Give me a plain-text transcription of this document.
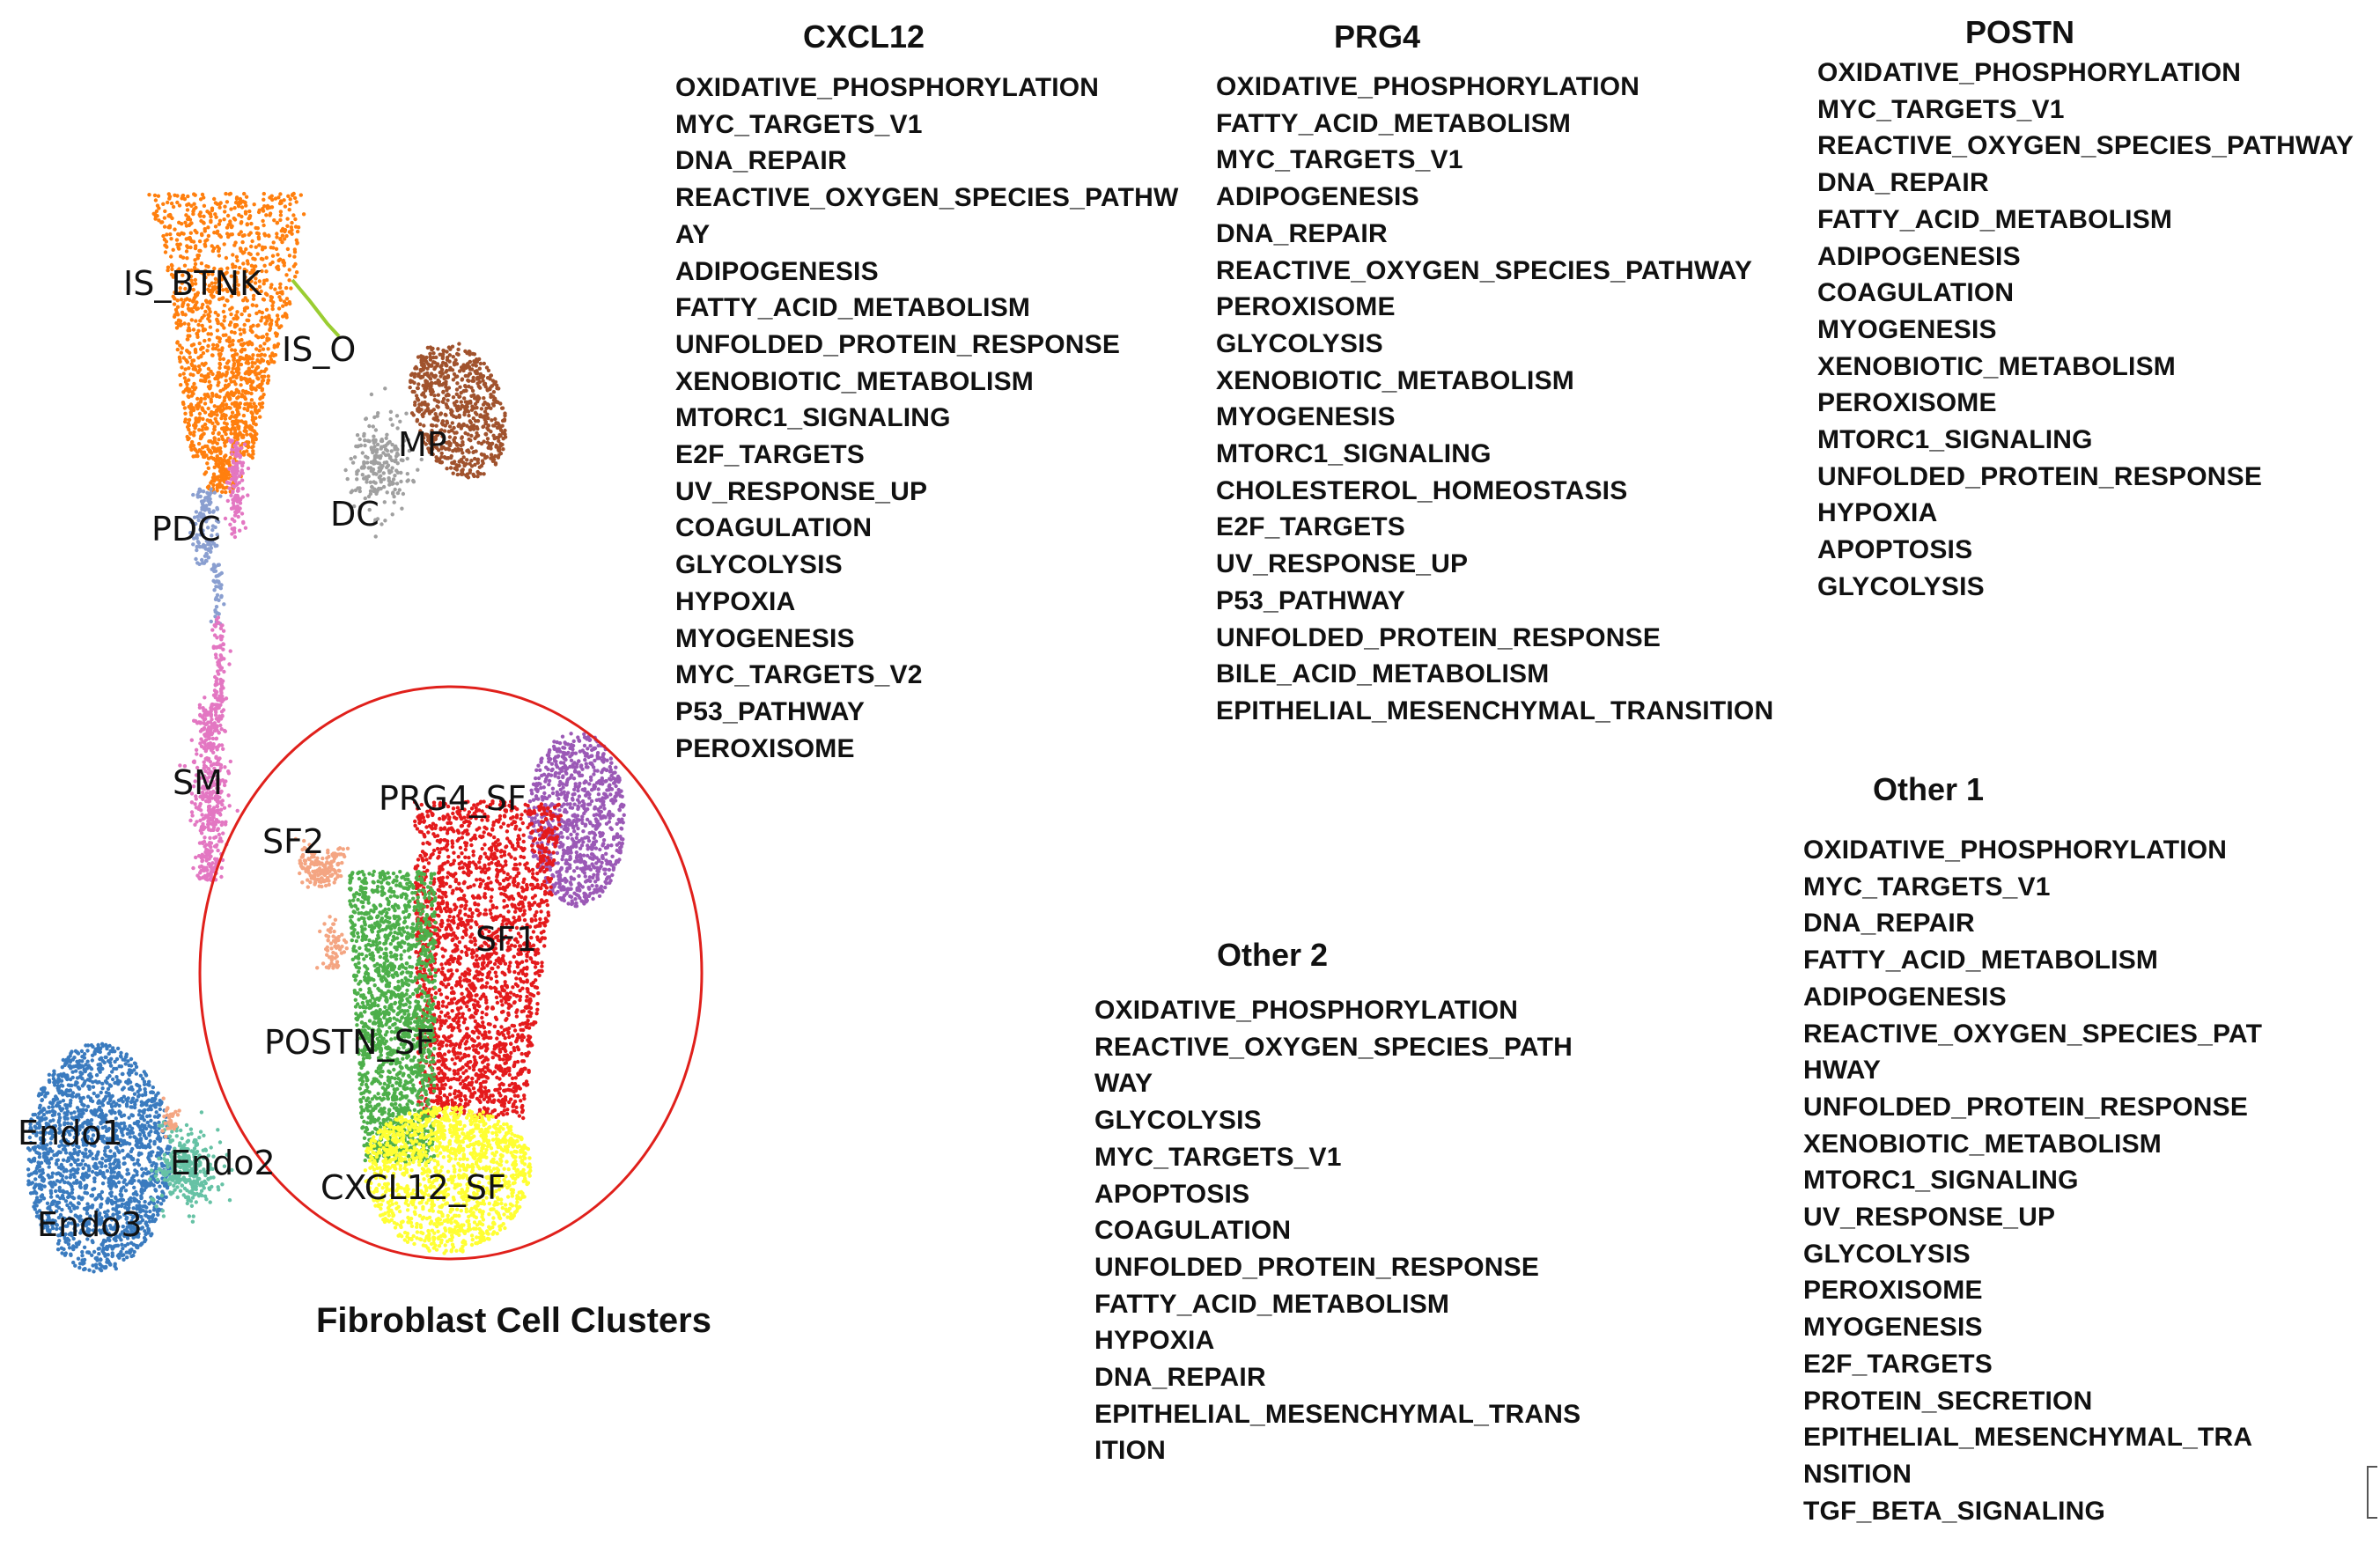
IS_BTNK
IS_O
MP
DC
PDC
SM	PRG4_SF
SF2
SF1
POSTN_SF
CXCL12_SF
Endo1
Endo2
Endo3
Fibroblast Cell Clusters
CXCL12
OXIDATIVE_PHOSPHORYLATION
MYC_TARGETS_V1
DNA_REPAIR
REACTIVE_OXYGEN_SPECIES_PATHW
AY
ADIPOGENESIS
FATTY_ACID_METABOLISM
UNFOLDED_PROTEIN_RESPONSE
XENOBIOTIC_METABOLISM
MTORC1_SIGNALING
E2F_TARGETS
UV_RESPONSE_UP
COAGULATION
GLYCOLYSIS
HYPOXIA
MYOGENESIS
MYC_TARGETS_V2
P53_PATHWAY
PEROXISOME
PRG4
OXIDATIVE_PHOSPHORYLATION
FATTY_ACID_METABOLISM
MYC_TARGETS_V1
ADIPOGENESIS
DNA_REPAIR
REACTIVE_OXYGEN_SPECIES_PATHWAY
PEROXISOME
GLYCOLYSIS
XENOBIOTIC_METABOLISM
MYOGENESIS
MTORC1_SIGNALING
CHOLESTEROL_HOMEOSTASIS
E2F_TARGETS
UV_RESPONSE_UP
P53_PATHWAY
UNFOLDED_PROTEIN_RESPONSE
BILE_ACID_METABOLISM
EPITHELIAL_MESENCHYMAL_TRANSITION
POSTN
OXIDATIVE_PHOSPHORYLATION
MYC_TARGETS_V1
REACTIVE_OXYGEN_SPECIES_PATHWAY
DNA_REPAIR
FATTY_ACID_METABOLISM
ADIPOGENESIS
COAGULATION
MYOGENESIS
XENOBIOTIC_METABOLISM
PEROXISOME
MTORC1_SIGNALING
UNFOLDED_PROTEIN_RESPONSE
HYPOXIA
APOPTOSIS
GLYCOLYSIS
Other 2
OXIDATIVE_PHOSPHORYLATION
REACTIVE_OXYGEN_SPECIES_PATH
WAY
GLYCOLYSIS
MYC_TARGETS_V1
APOPTOSIS
COAGULATION
UNFOLDED_PROTEIN_RESPONSE
FATTY_ACID_METABOLISM
HYPOXIA
DNA_REPAIR
EPITHELIAL_MESENCHYMAL_TRANS
ITION
Other 1
OXIDATIVE_PHOSPHORYLATION
MYC_TARGETS_V1
DNA_REPAIR
FATTY_ACID_METABOLISM
ADIPOGENESIS
REACTIVE_OXYGEN_SPECIES_PAT
HWAY
UNFOLDED_PROTEIN_RESPONSE
XENOBIOTIC_METABOLISM
MTORC1_SIGNALING
UV_RESPONSE_UP
GLYCOLYSIS
PEROXISOME
MYOGENESIS
E2F_TARGETS
PROTEIN_SECRETION
EPITHELIAL_MESENCHYMAL_TRA
NSITION
TGF_BETA_SIGNALING
